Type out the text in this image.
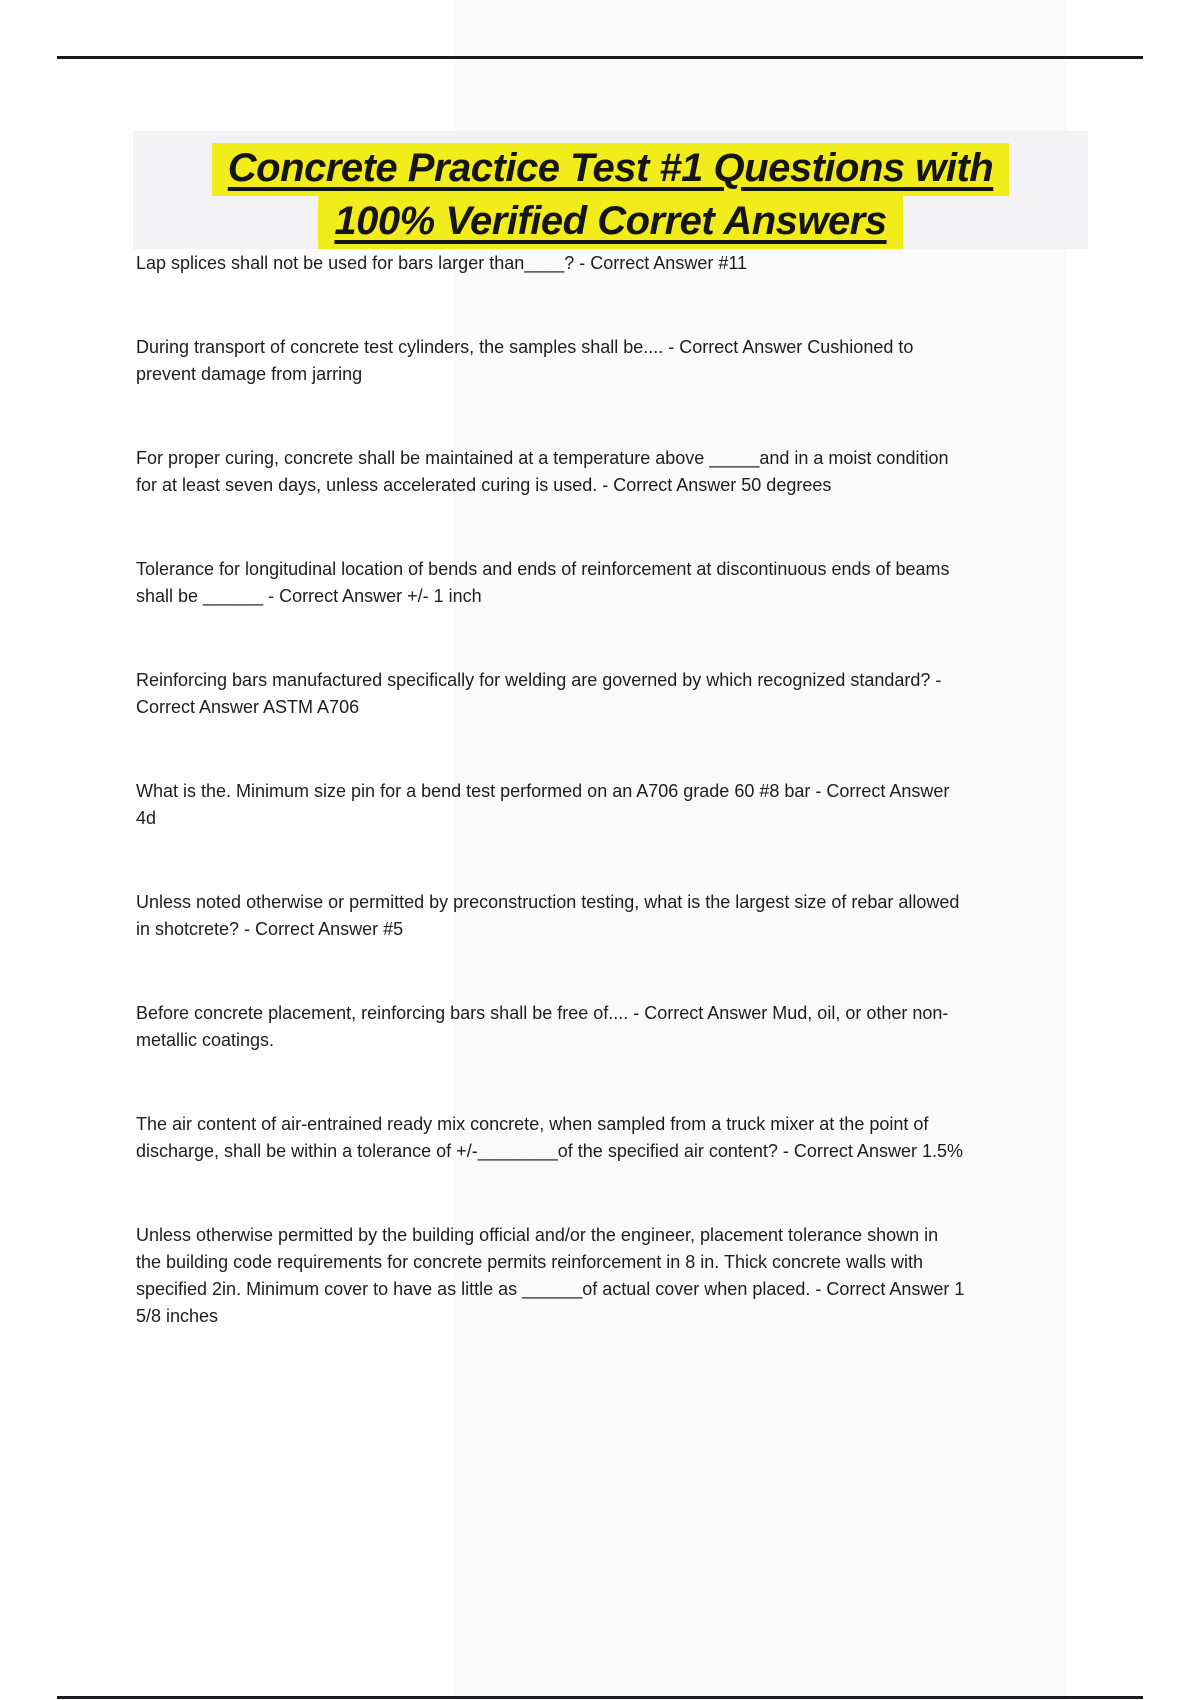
Concrete Practice Test #1 Questions with
100% Verified Corret Answers
Lap splices shall not be used for bars larger than____? - Correct Answer #11
During transport of concrete test cylinders, the samples shall be.... - Correct Answer Cushioned to
prevent damage from jarring
For proper curing, concrete shall be maintained at a temperature above _____and in a moist condition
for at least seven days, unless accelerated curing is used. - Correct Answer 50 degrees
Tolerance for longitudinal location of bends and ends of reinforcement at discontinuous ends of beams
shall be ______ - Correct Answer +/- 1 inch
Reinforcing bars manufactured specifically for welding are governed by which recognized standard? -
Correct Answer ASTM A706
What is the. Minimum size pin for a bend test performed on an A706 grade 60 #8 bar - Correct Answer
4d
Unless noted otherwise or permitted by preconstruction testing, what is the largest size of rebar allowed
in shotcrete? - Correct Answer #5
Before concrete placement, reinforcing bars shall be free of.... - Correct Answer Mud, oil, or other non-
metallic coatings.
The air content of air-entrained ready mix concrete, when sampled from a truck mixer at the point of
discharge, shall be within a tolerance of +/-________of the specified air content? - Correct Answer 1.5%
Unless otherwise permitted by the building official and/or the engineer, placement tolerance shown in
the building code requirements for concrete permits reinforcement in 8 in. Thick concrete walls with
specified 2in. Minimum cover to have as little as ______of actual cover when placed. - Correct Answer 1
5/8 inches
